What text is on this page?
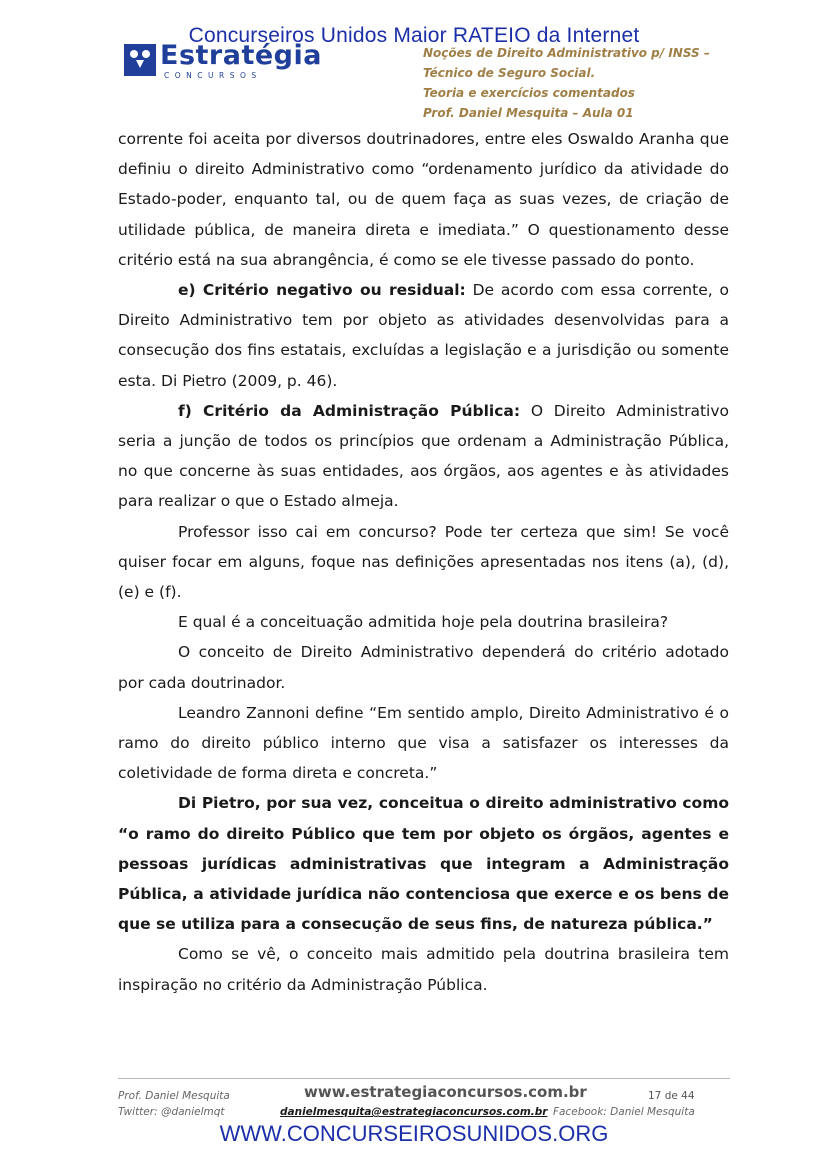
Concurseiros Unidos Maior RATEIO da Internet
Estratégia
CONCURSOS
Noções de Direito Administrativo p/ INSS –
Técnico de Seguro Social.
Teoria e exercícios comentados
Prof. Daniel Mesquita – Aula 01

corrente foi aceita por diversos doutrinadores, entre eles Oswaldo Aranha que definiu o direito Administrativo como “ordenamento jurídico da atividade do Estado-poder, enquanto tal, ou de quem faça as suas vezes, de criação de utilidade pública, de maneira direta e imediata.” O questionamento desse critério está na sua abrangência, é como se ele tivesse passado do ponto.

e) Critério negativo ou residual: De acordo com essa corrente, o Direito Administrativo tem por objeto as atividades desenvolvidas para a consecução dos fins estatais, excluídas a legislação e a jurisdição ou somente esta. Di Pietro (2009, p. 46).

f) Critério da Administração Pública: O Direito Administrativo seria a junção de todos os princípios que ordenam a Administração Pública, no que concerne às suas entidades, aos órgãos, aos agentes e às atividades para realizar o que o Estado almeja.

Professor isso cai em concurso? Pode ter certeza que sim! Se você quiser focar em alguns, foque nas definições apresentadas nos itens (a), (d), (e) e (f).

E qual é a conceituação admitida hoje pela doutrina brasileira?

O conceito de Direito Administrativo dependerá do critério adotado por cada doutrinador.

Leandro Zannoni define “Em sentido amplo, Direito Administrativo é o ramo do direito público interno que visa a satisfazer os interesses da coletividade de forma direta e concreta.”

Di Pietro, por sua vez, conceitua o direito administrativo como “o ramo do direito Público que tem por objeto os órgãos, agentes e pessoas jurídicas administrativas que integram a Administração Pública, a atividade jurídica não contenciosa que exerce e os bens de que se utiliza para a consecução de seus fins, de natureza pública.”

Como se vê, o conceito mais admitido pela doutrina brasileira tem inspiração no critério da Administração Pública.

Prof. Daniel Mesquita	www.estrategiaconcursos.com.br	17 de 44
Twitter: @danielmqt	danielmesquita@estrategiaconcursos.com.br Facebook: Daniel Mesquita
WWW.CONCURSEIROSUNIDOS.ORG
